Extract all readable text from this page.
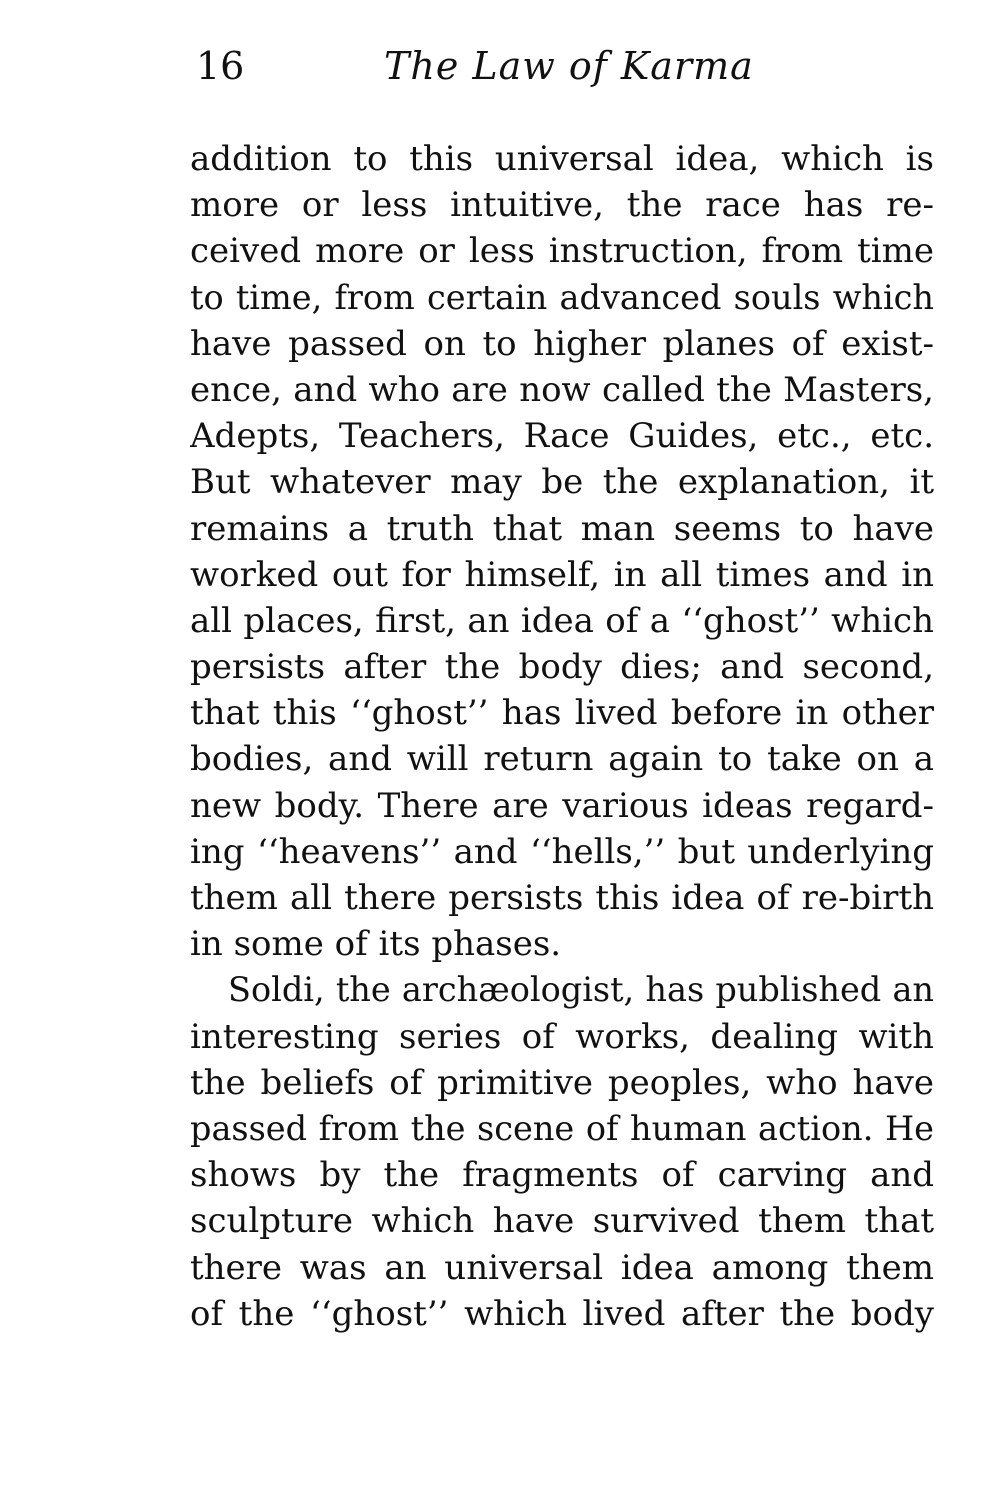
16	The Law of Karma
addition to this universal idea, which is
more or less intuitive, the race has re-
ceived more or less instruction, from time
to time, from certain advanced souls which
have passed on to higher planes of exist-
ence, and who are now called the Masters,
Adepts, Teachers, Race Guides, etc., etc.
But whatever may be the explanation, it
remains a truth that man seems to have
worked out for himself, in all times and in
all places, first, an idea of a ‘‘ghost’’ which
persists after the body dies; and second,
that this ‘‘ghost’’ has lived before in other
bodies, and will return again to take on a
new body. There are various ideas regard-
ing ‘‘heavens’’ and ‘‘hells,’’ but underlying
them all there persists this idea of re-birth
in some of its phases.
Soldi, the archæologist, has published an
interesting series of works, dealing with
the beliefs of primitive peoples, who have
passed from the scene of human action. He
shows by the fragments of carving and
sculpture which have survived them that
there was an universal idea among them
of the ‘‘ghost’’ which lived after the body
